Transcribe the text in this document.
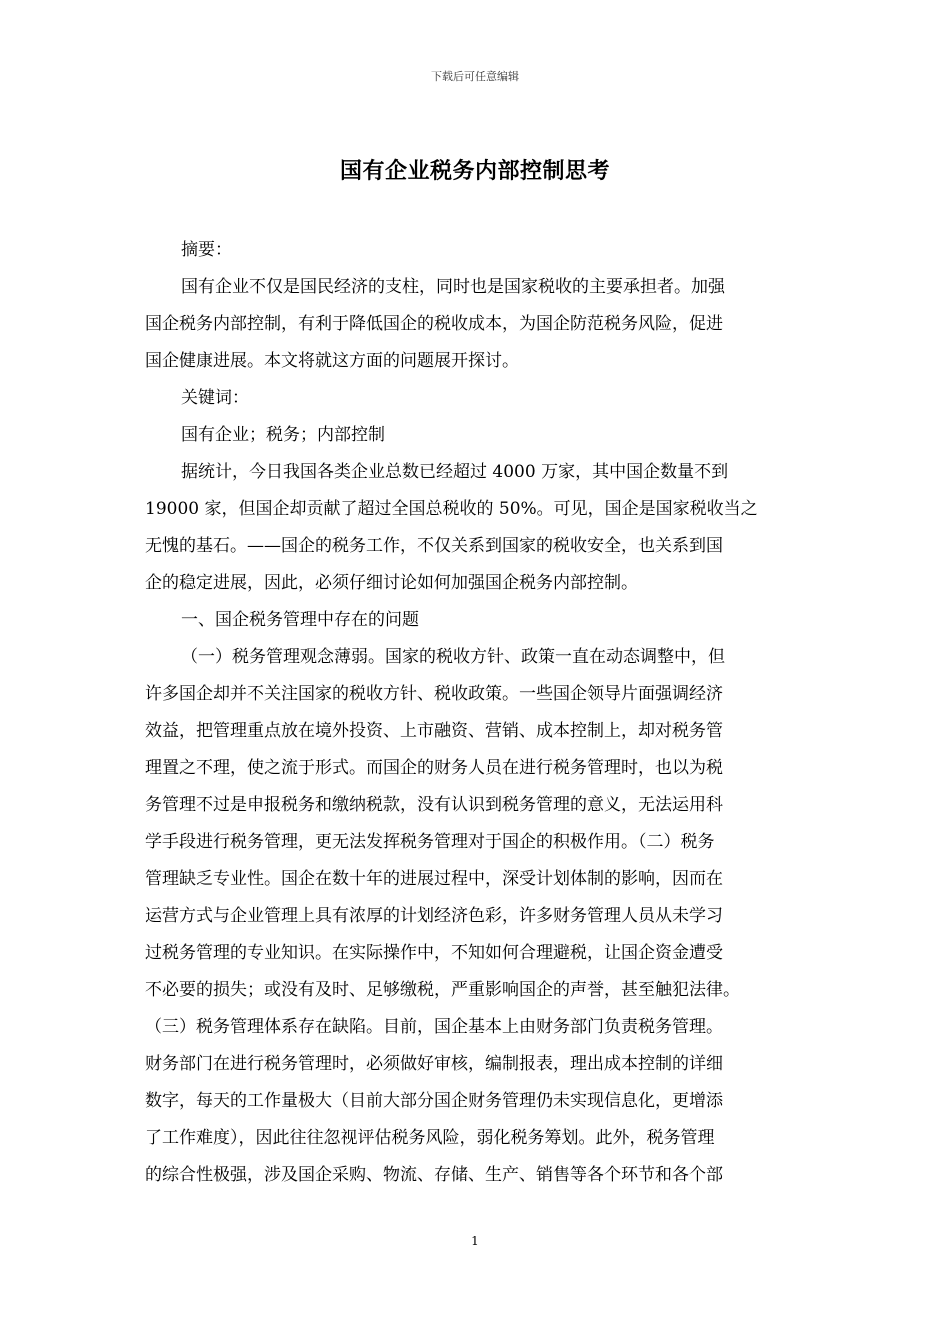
下载后可任意编辑
国有企业税务内部控制思考
摘要：
国有企业不仅是国民经济的支柱，同时也是国家税收的主要承担者。加强
国企税务内部控制，有利于降低国企的税收成本，为国企防范税务风险，促进
国企健康进展。本文将就这方面的问题展开探讨。
关键词：
国有企业；税务；内部控制
据统计，今日我国各类企业总数已经超过 4000 万家，其中国企数量不到
19000 家，但国企却贡献了超过全国总税收的 50%。可见，国企是国家税收当之
无愧的基石。——国企的税务工作，不仅关系到国家的税收安全，也关系到国
企的稳定进展，因此，必须仔细讨论如何加强国企税务内部控制。
一、国企税务管理中存在的问题
（一）税务管理观念薄弱。国家的税收方针、政策一直在动态调整中，但
许多国企却并不关注国家的税收方针、税收政策。一些国企领导片面强调经济
效益，把管理重点放在境外投资、上市融资、营销、成本控制上，却对税务管
理置之不理，使之流于形式。而国企的财务人员在进行税务管理时，也以为税
务管理不过是申报税务和缴纳税款，没有认识到税务管理的意义，无法运用科
学手段进行税务管理，更无法发挥税务管理对于国企的积极作用。（二）税务
管理缺乏专业性。国企在数十年的进展过程中，深受计划体制的影响，因而在
运营方式与企业管理上具有浓厚的计划经济色彩，许多财务管理人员从未学习
过税务管理的专业知识。在实际操作中，不知如何合理避税，让国企资金遭受
不必要的损失；或没有及时、足够缴税，严重影响国企的声誉，甚至触犯法律。
（三）税务管理体系存在缺陷。目前，国企基本上由财务部门负责税务管理。
财务部门在进行税务管理时，必须做好审核，编制报表，理出成本控制的详细
数字，每天的工作量极大（目前大部分国企财务管理仍未实现信息化，更增添
了工作难度），因此往往忽视评估税务风险，弱化税务筹划。此外，税务管理
的综合性极强，涉及国企采购、物流、存储、生产、销售等各个环节和各个部
1
